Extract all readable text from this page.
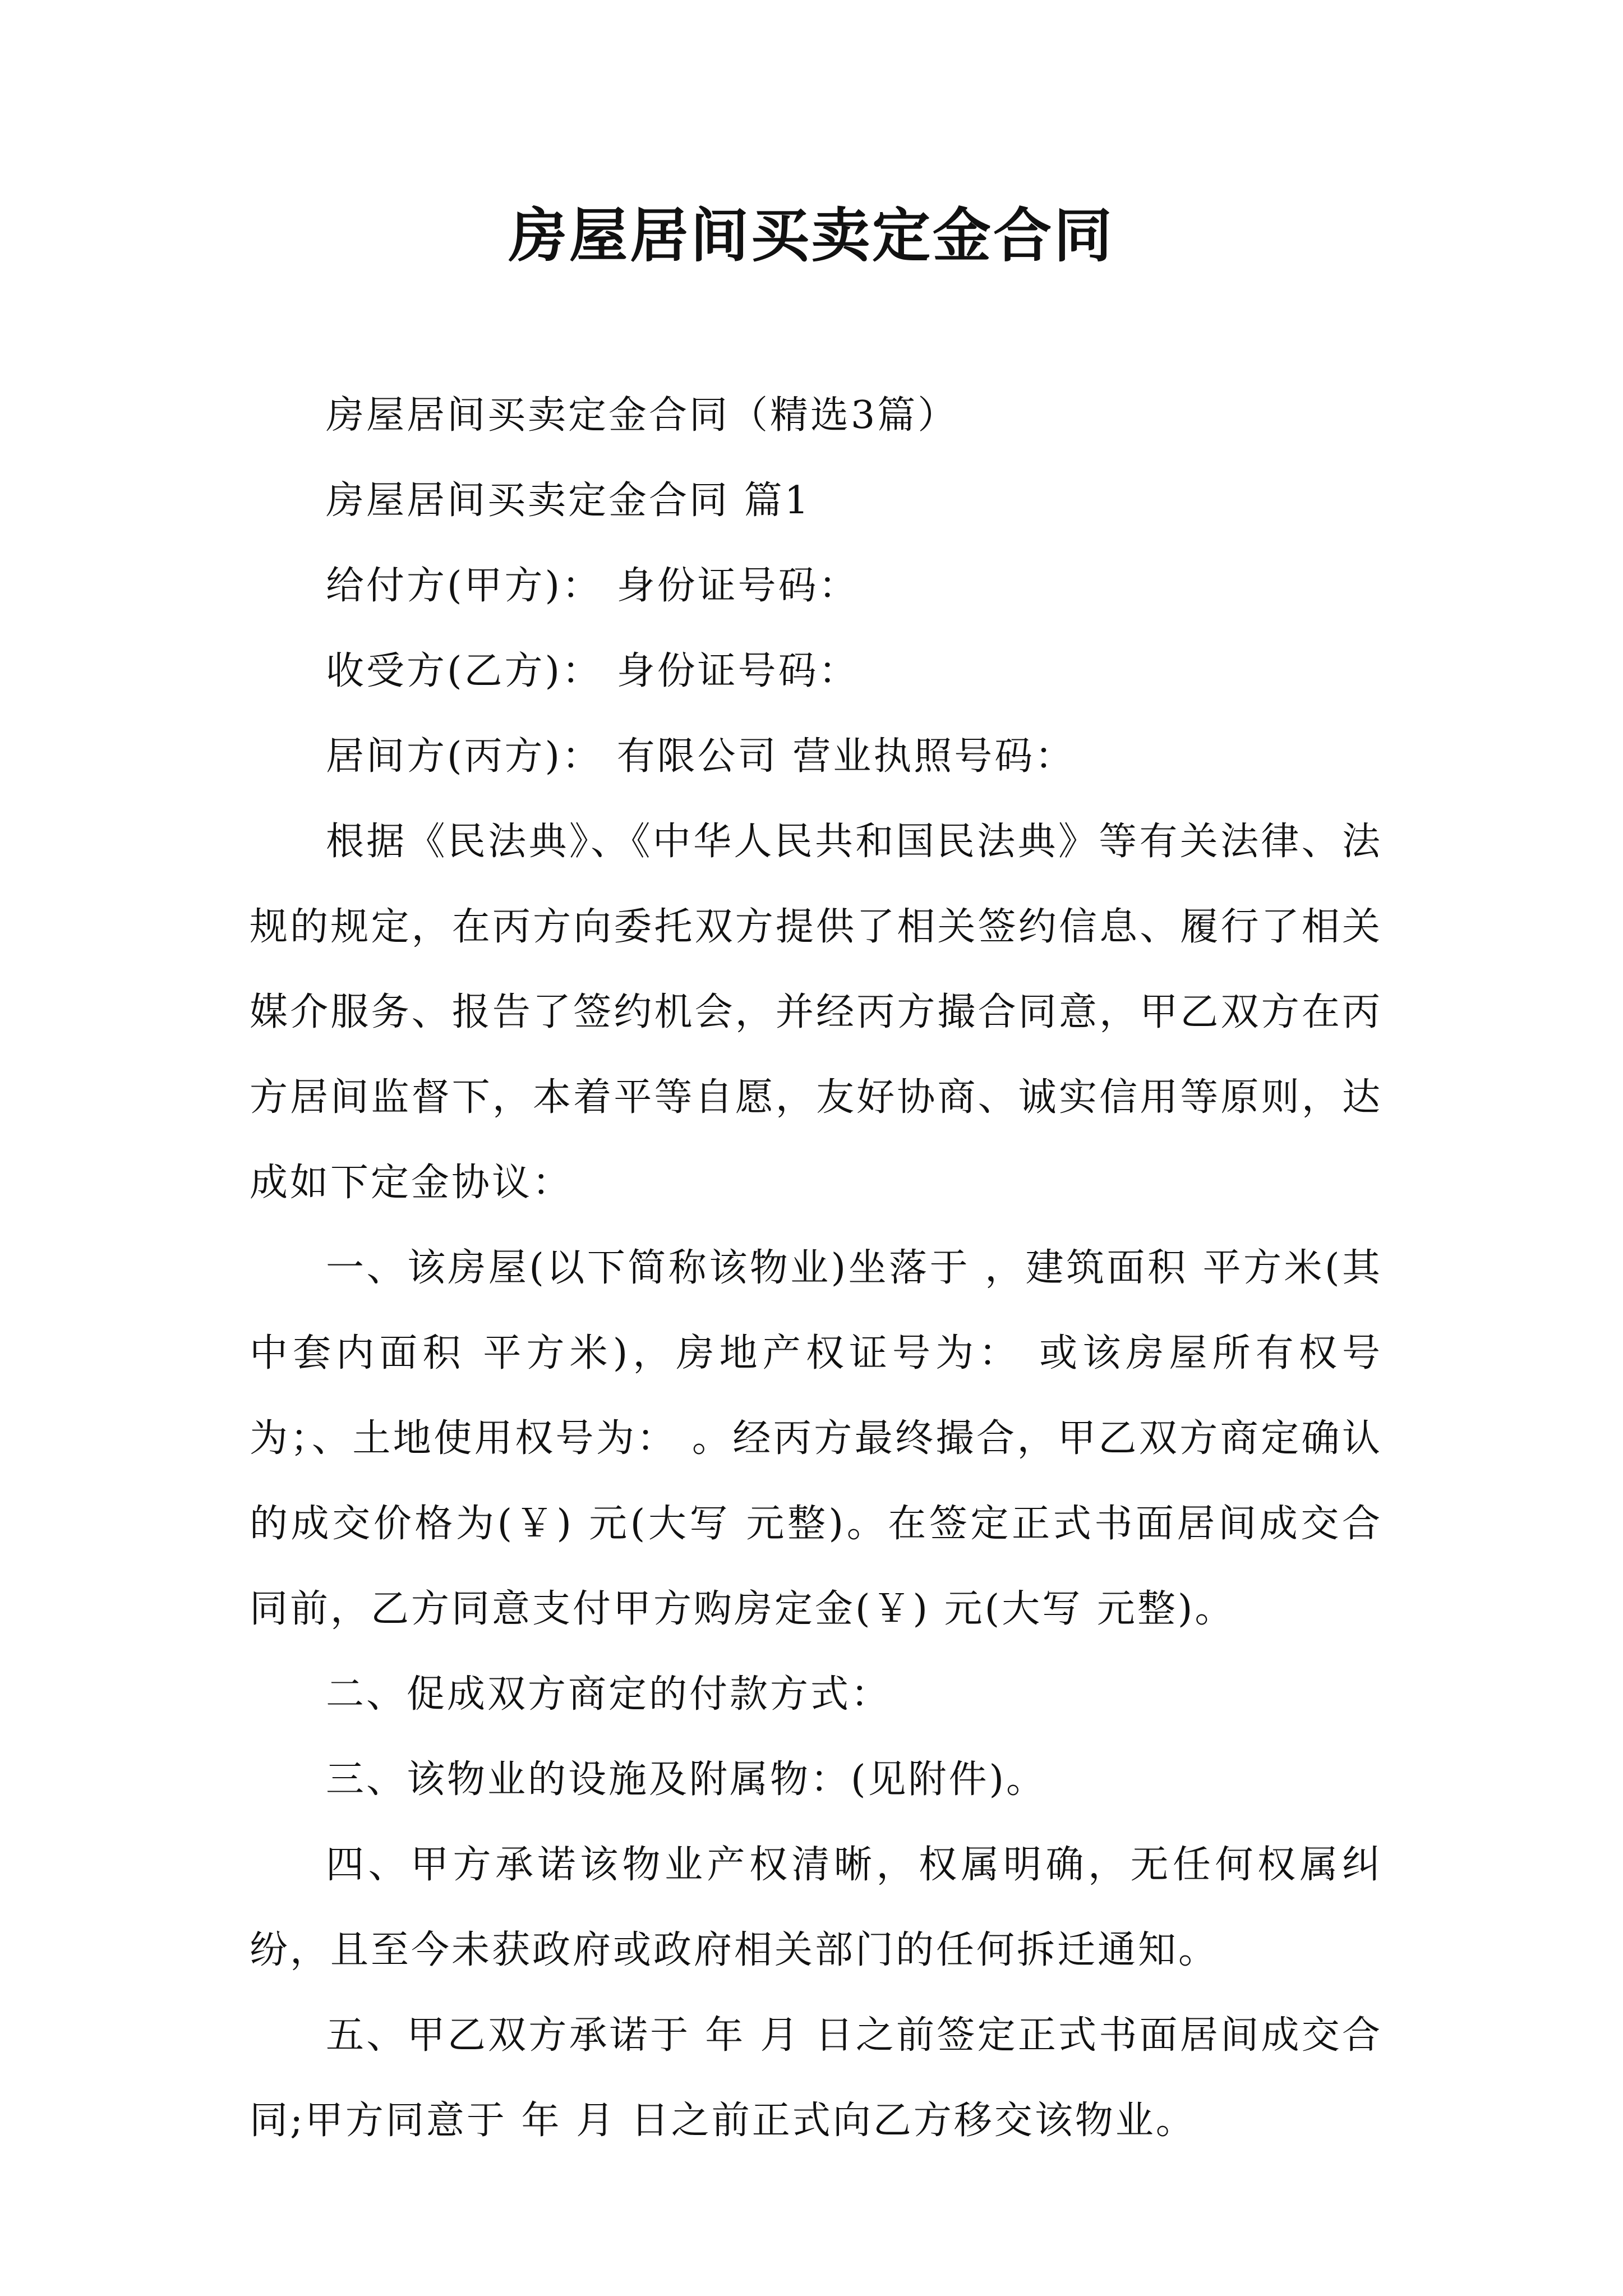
房屋居间买卖定金合同

房屋居间买卖定金合同（精选3篇）

房屋居间买卖定金合同 篇1

给付方(甲方)： 身份证号码：

收受方(乙方)： 身份证号码：

居间方(丙方)： 有限公司 营业执照号码：

根据《民法典》、《中华人民共和国民法典》等有关法律、法规的规定，在丙方向委托双方提供了相关签约信息、履行了相关媒介服务、报告了签约机会，并经丙方撮合同意，甲乙双方在丙方居间监督下，本着平等自愿，友好协商、诚实信用等原则，达成如下定金协议：

一、该房屋(以下简称该物业)坐落于 ，建筑面积 平方米(其中套内面积 平方米)，房地产权证号为： 或该房屋所有权号为；、土地使用权号为： 。经丙方最终撮合，甲乙双方商定确认的成交价格为(￥) 元(大写 元整)。在签定正式书面居间成交合同前，乙方同意支付甲方购房定金(￥) 元(大写 元整)。

二、促成双方商定的付款方式：

三、该物业的设施及附属物：(见附件)。

四、甲方承诺该物业产权清晰，权属明确，无任何权属纠纷，且至今未获政府或政府相关部门的任何拆迁通知。

五、甲乙双方承诺于 年 月 日之前签定正式书面居间成交合同;甲方同意于 年 月 日之前正式向乙方移交该物业。
